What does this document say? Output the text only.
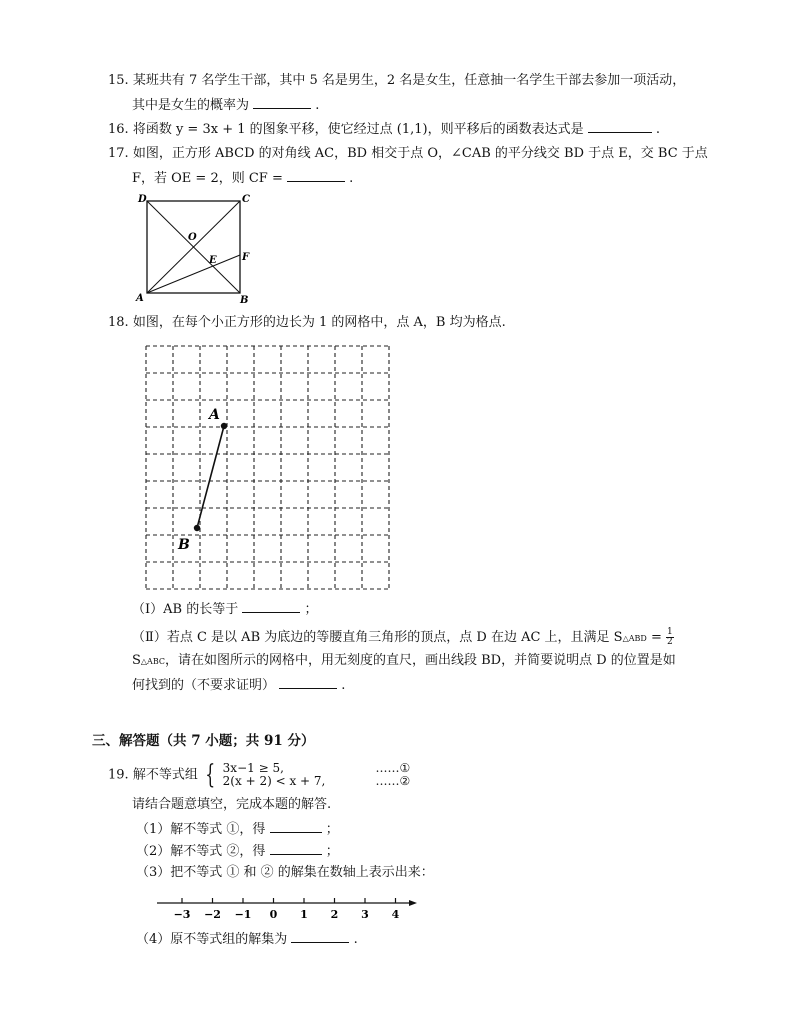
15. 某班共有 7 名学生干部，其中 5 名是男生，2 名是女生，任意抽一名学生干部去参加一项活动，
其中是女生的概率为	.
16. 将函数 y = 3x + 1 的图象平移，使它经过点 (1,1)，则平移后的函数表达式是	.
17. 如图，正方形 ABCD 的对角线 AC，BD 相交于点 O，∠CAB 的平分线交 BD 于点 E，交 BC 于点
F，若 OE = 2，则 CF =	.
D	C
O
E	F
A	B
18. 如图，在每个小正方形的边长为 1 的网格中，点 A，B 均为格点.
A
B
（Ⅰ）AB 的长等于	；
（Ⅱ）若点 C 是以 AB 为底边的等腰直角三角形的顶点，点 D 在边 AC 上，且满足 S△ABD = $\frac{1}{2}$
S△ABC，请在如图所示的网格中，用无刻度的直尺，画出线段 BD，并简要说明点 D 的位置是如
何找到的（不要求证明）	.
三、解答题（共 7 小题；共 91 分）
19. 解不等式组 { 3x−1 ≥ 5,
2(x + 2) < x + 7,

……①
……②
请结合题意填空，完成本题的解答.
（1）解不等式 ①，得	；
（2）解不等式 ②，得	；
（3）把不等式 ① 和 ② 的解集在数轴上表示出来：
−3 −2 −1 0 1 2 3 4
（4）原不等式组的解集为	.
